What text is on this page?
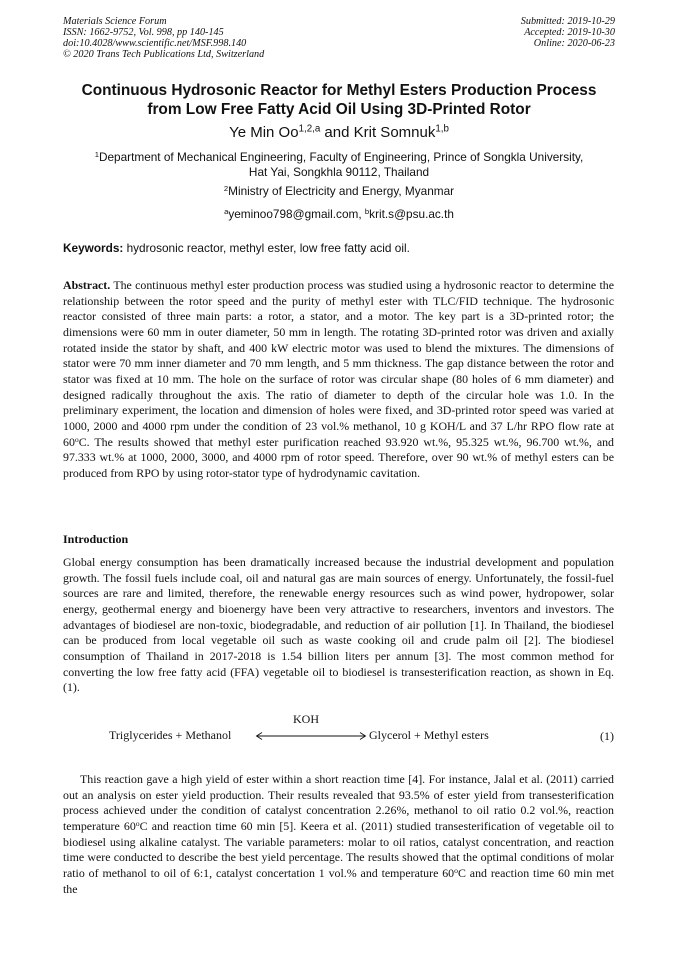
Materials Science Forum
ISSN: 1662-9752, Vol. 998, pp 140-145
doi:10.4028/www.scientific.net/MSF.998.140
© 2020 Trans Tech Publications Ltd, Switzerland
Submitted: 2019-10-29
Accepted: 2019-10-30
Online: 2020-06-23
Continuous Hydrosonic Reactor for Methyl Esters Production Process
from Low Free Fatty Acid Oil Using 3D-Printed Rotor
Ye Min Oo$^{1,2,a}$ and Krit Somnuk$^{1,b}$
$^1$Department of Mechanical Engineering, Faculty of Engineering, Prince of Songkla University,
Hat Yai, Songkhla 90112, Thailand
$^2$Ministry of Electricity and Energy, Myanmar
$^a$yeminoo798@gmail.com, $^b$krit.s@psu.ac.th
Keywords: hydrosonic reactor, methyl ester, low free fatty acid oil.
Abstract. The continuous methyl ester production process was studied using a hydrosonic reactor to determine the relationship between the rotor speed and the purity of methyl ester with TLC/FID technique. The hydrosonic reactor consisted of three main parts: a rotor, a stator, and a motor. The key part is a 3D-printed rotor; the dimensions were 60 mm in outer diameter, 50 mm in length. The rotating 3D-printed rotor was driven and axially rotated inside the stator by shaft, and 400 kW electric motor was used to blend the mixtures. The dimensions of stator were 70 mm inner diameter and 70 mm length, and 5 mm thickness. The gap distance between the rotor and stator was fixed at 10 mm. The hole on the surface of rotor was circular shape (80 holes of 6 mm diameter) and designed radically throughout the axis. The ratio of diameter to depth of the circular hole was 1.0. In the preliminary experiment, the location and dimension of holes were fixed, and 3D-printed rotor speed was varied at 1000, 2000 and 4000 rpm under the condition of 23 vol.% methanol, 10 g KOH/L and 37 L/hr RPO flow rate at 60$^o$C. The results showed that methyl ester purification reached 93.920 wt.%, 95.325 wt.%, 96.700 wt.%, and 97.333 wt.% at 1000, 2000, 3000, and 4000 rpm of rotor speed. Therefore, over 90 wt.% of methyl esters can be produced from RPO by using rotor-stator type of hydrodynamic cavitation.
Introduction
Global energy consumption has been dramatically increased because the industrial development and population growth. The fossil fuels include coal, oil and natural gas are main sources of energy. Unfortunately, the fossil-fuel sources are rare and limited, therefore, the renewable energy resources such as wind power, hydropower, solar energy, geothermal energy and bioenergy have been very attractive to researchers, inventors and investors. The advantages of biodiesel are non-toxic, biodegradable, and reduction of air pollution [1]. In Thailand, the biodiesel can be produced from local vegetable oil such as waste cooking oil and crude palm oil [2]. The biodiesel consumption of Thailand in 2017-2018 is 1.54 billion liters per annum [3]. The most common method for converting the low free fatty acid (FFA) vegetable oil to biodiesel is transesterification reaction, as shown in Eq. (1).
KOH
Triglycerides + Methanol	Glycerol + Methyl esters	(1)
This reaction gave a high yield of ester within a short reaction time [4]. For instance, Jalal et al. (2011) carried out an analysis on ester yield production. Their results revealed that 93.5% of ester yield from transesterification process achieved under the condition of catalyst concentration 2.26%, methanol to oil ratio 0.2 vol.%, reaction temperature 60$^o$C and reaction time 60 min [5]. Keera et al. (2011) studied transesterification of vegetable oil to biodiesel using alkaline catalyst. The variable parameters: molar to oil ratios, catalyst concentration, and reaction time were conducted to describe the best yield percentage. The results showed that the optimal conditions of molar ratio of methanol to oil of 6:1, catalyst concertation 1 vol.% and temperature 60$^o$C and reaction time 60 min met the
